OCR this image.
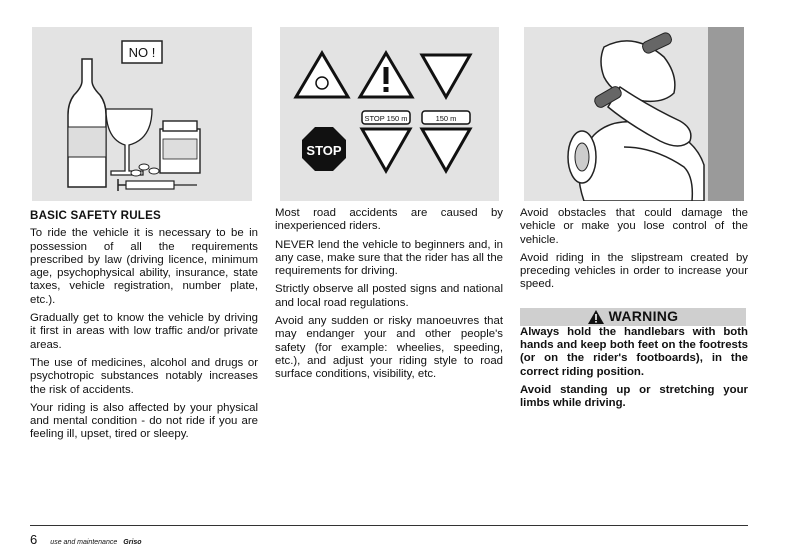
NO !
STOP
STOP 150 m	150 m
BASIC SAFETY RULES

To ride the vehicle it is necessary to be in possession of all the requirements prescribed by law (driving licence, minimum age, psychophysical ability, insurance, state taxes, vehicle registration, number plate, etc.).

Gradually get to know the vehicle by driving it first in areas with low traffic and/or private areas.

The use of medicines, alcohol and drugs or psychotropic substances notably increases the risk of accidents.

Your riding is also affected by your physical and mental condition - do not ride if you are feeling ill, upset, tired or sleepy.

Most road accidents are caused by inexperienced riders.

NEVER lend the vehicle to beginners and, in any case, make sure that the rider has all the requirements for driving.

Strictly observe all posted signs and national and local road regulations.

Avoid any sudden or risky manoeuvres that may endanger your and other people's safety (for example: wheelies, speeding, etc.), and adjust your riding style to road surface conditions, visibility, etc.

Avoid obstacles that could damage the vehicle or make you lose control of the vehicle.

Avoid riding in the slipstream created by preceding vehicles in order to increase your speed.

WARNING

Always hold the handlebars with both hands and keep both feet on the footrests (or on the rider's footboards), in the correct riding position.

Avoid standing up or stretching your limbs while driving.

6 use and maintenance Griso
